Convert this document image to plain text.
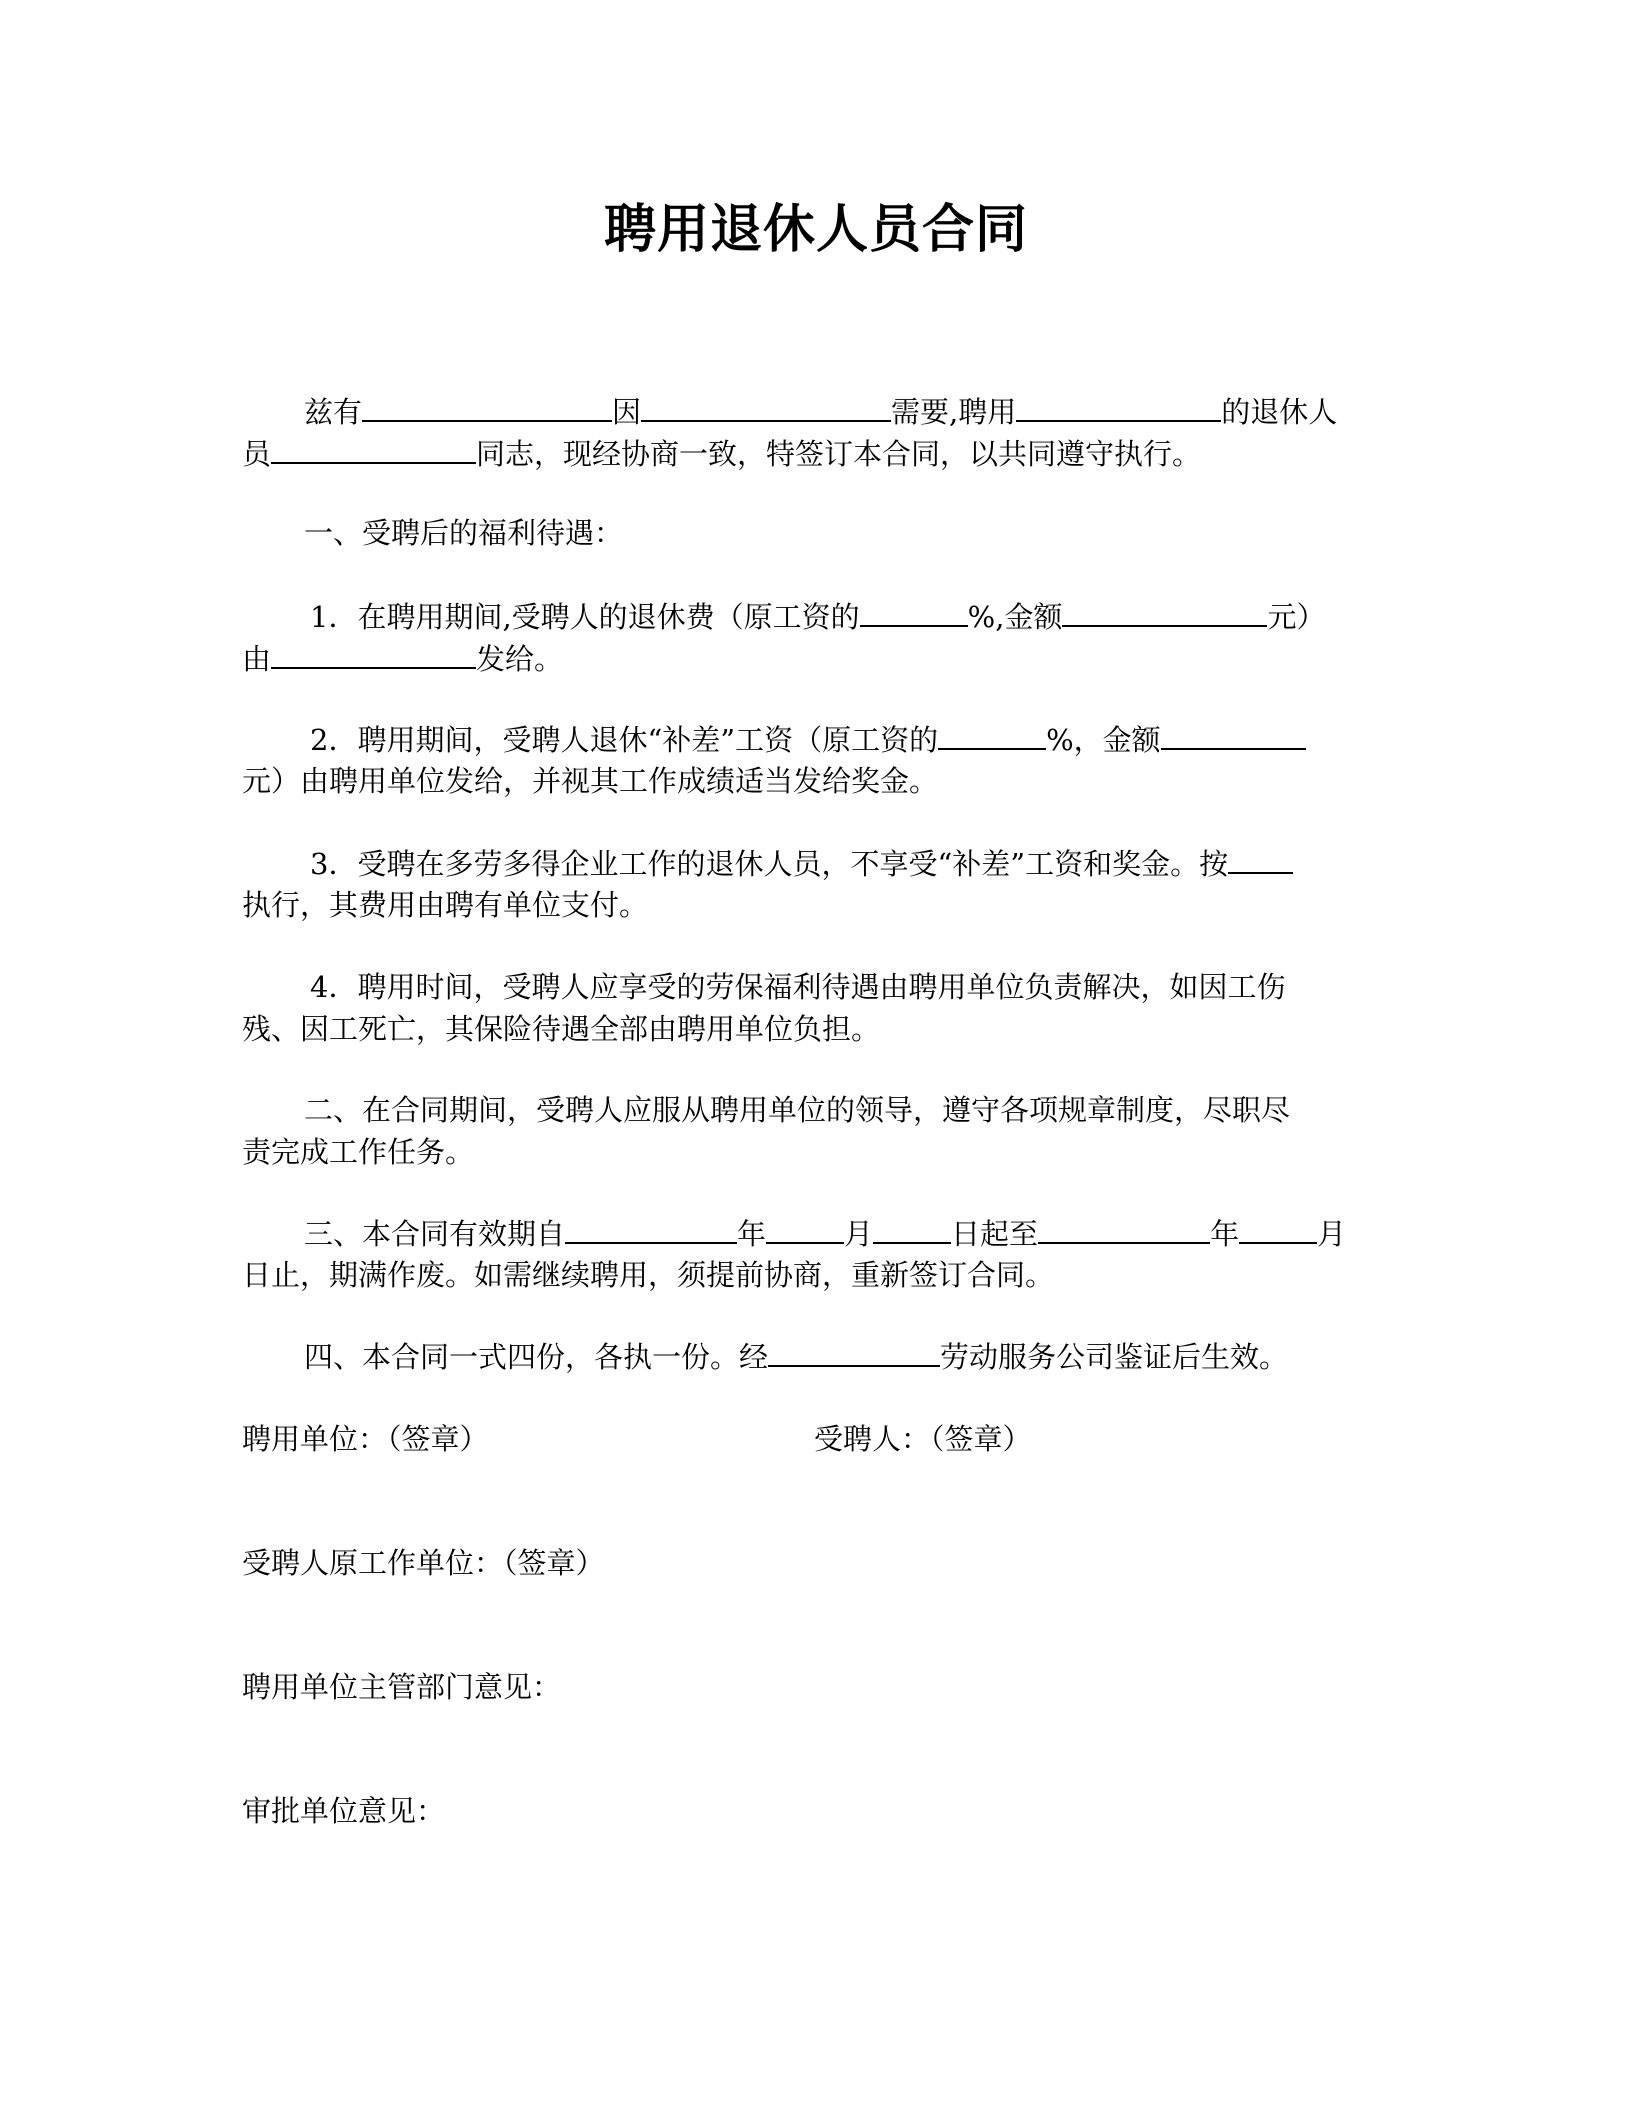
聘用退休人员合同
兹有	因	需要,聘用	的退休人
员	同志，现经协商一致，特签订本合同，以共同遵守执行。
一、受聘后的福利待遇：
1．在聘用期间,受聘人的退休费（原工资的	%,金额	元）
由	发给。
2．聘用期间，受聘人退休“补差”工资（原工资的	%，金额
元）由聘用单位发给，并视其工作成绩适当发给奖金。
3．受聘在多劳多得企业工作的退休人员，不享受“补差”工资和奖金。按
执行，其费用由聘有单位支付。
4．聘用时间，受聘人应享受的劳保福利待遇由聘用单位负责解决，如因工伤
残、因工死亡，其保险待遇全部由聘用单位负担。
二、在合同期间，受聘人应服从聘用单位的领导，遵守各项规章制度，尽职尽
责完成工作任务。
三、本合同有效期自	年	月	日起至	年	月
日止，期满作废。如需继续聘用，须提前协商，重新签订合同。
四、本合同一式四份，各执一份。经	劳动服务公司鉴证后生效。
聘用单位：（签章）	受聘人：（签章）
受聘人原工作单位：（签章）
聘用单位主管部门意见：
审批单位意见：
